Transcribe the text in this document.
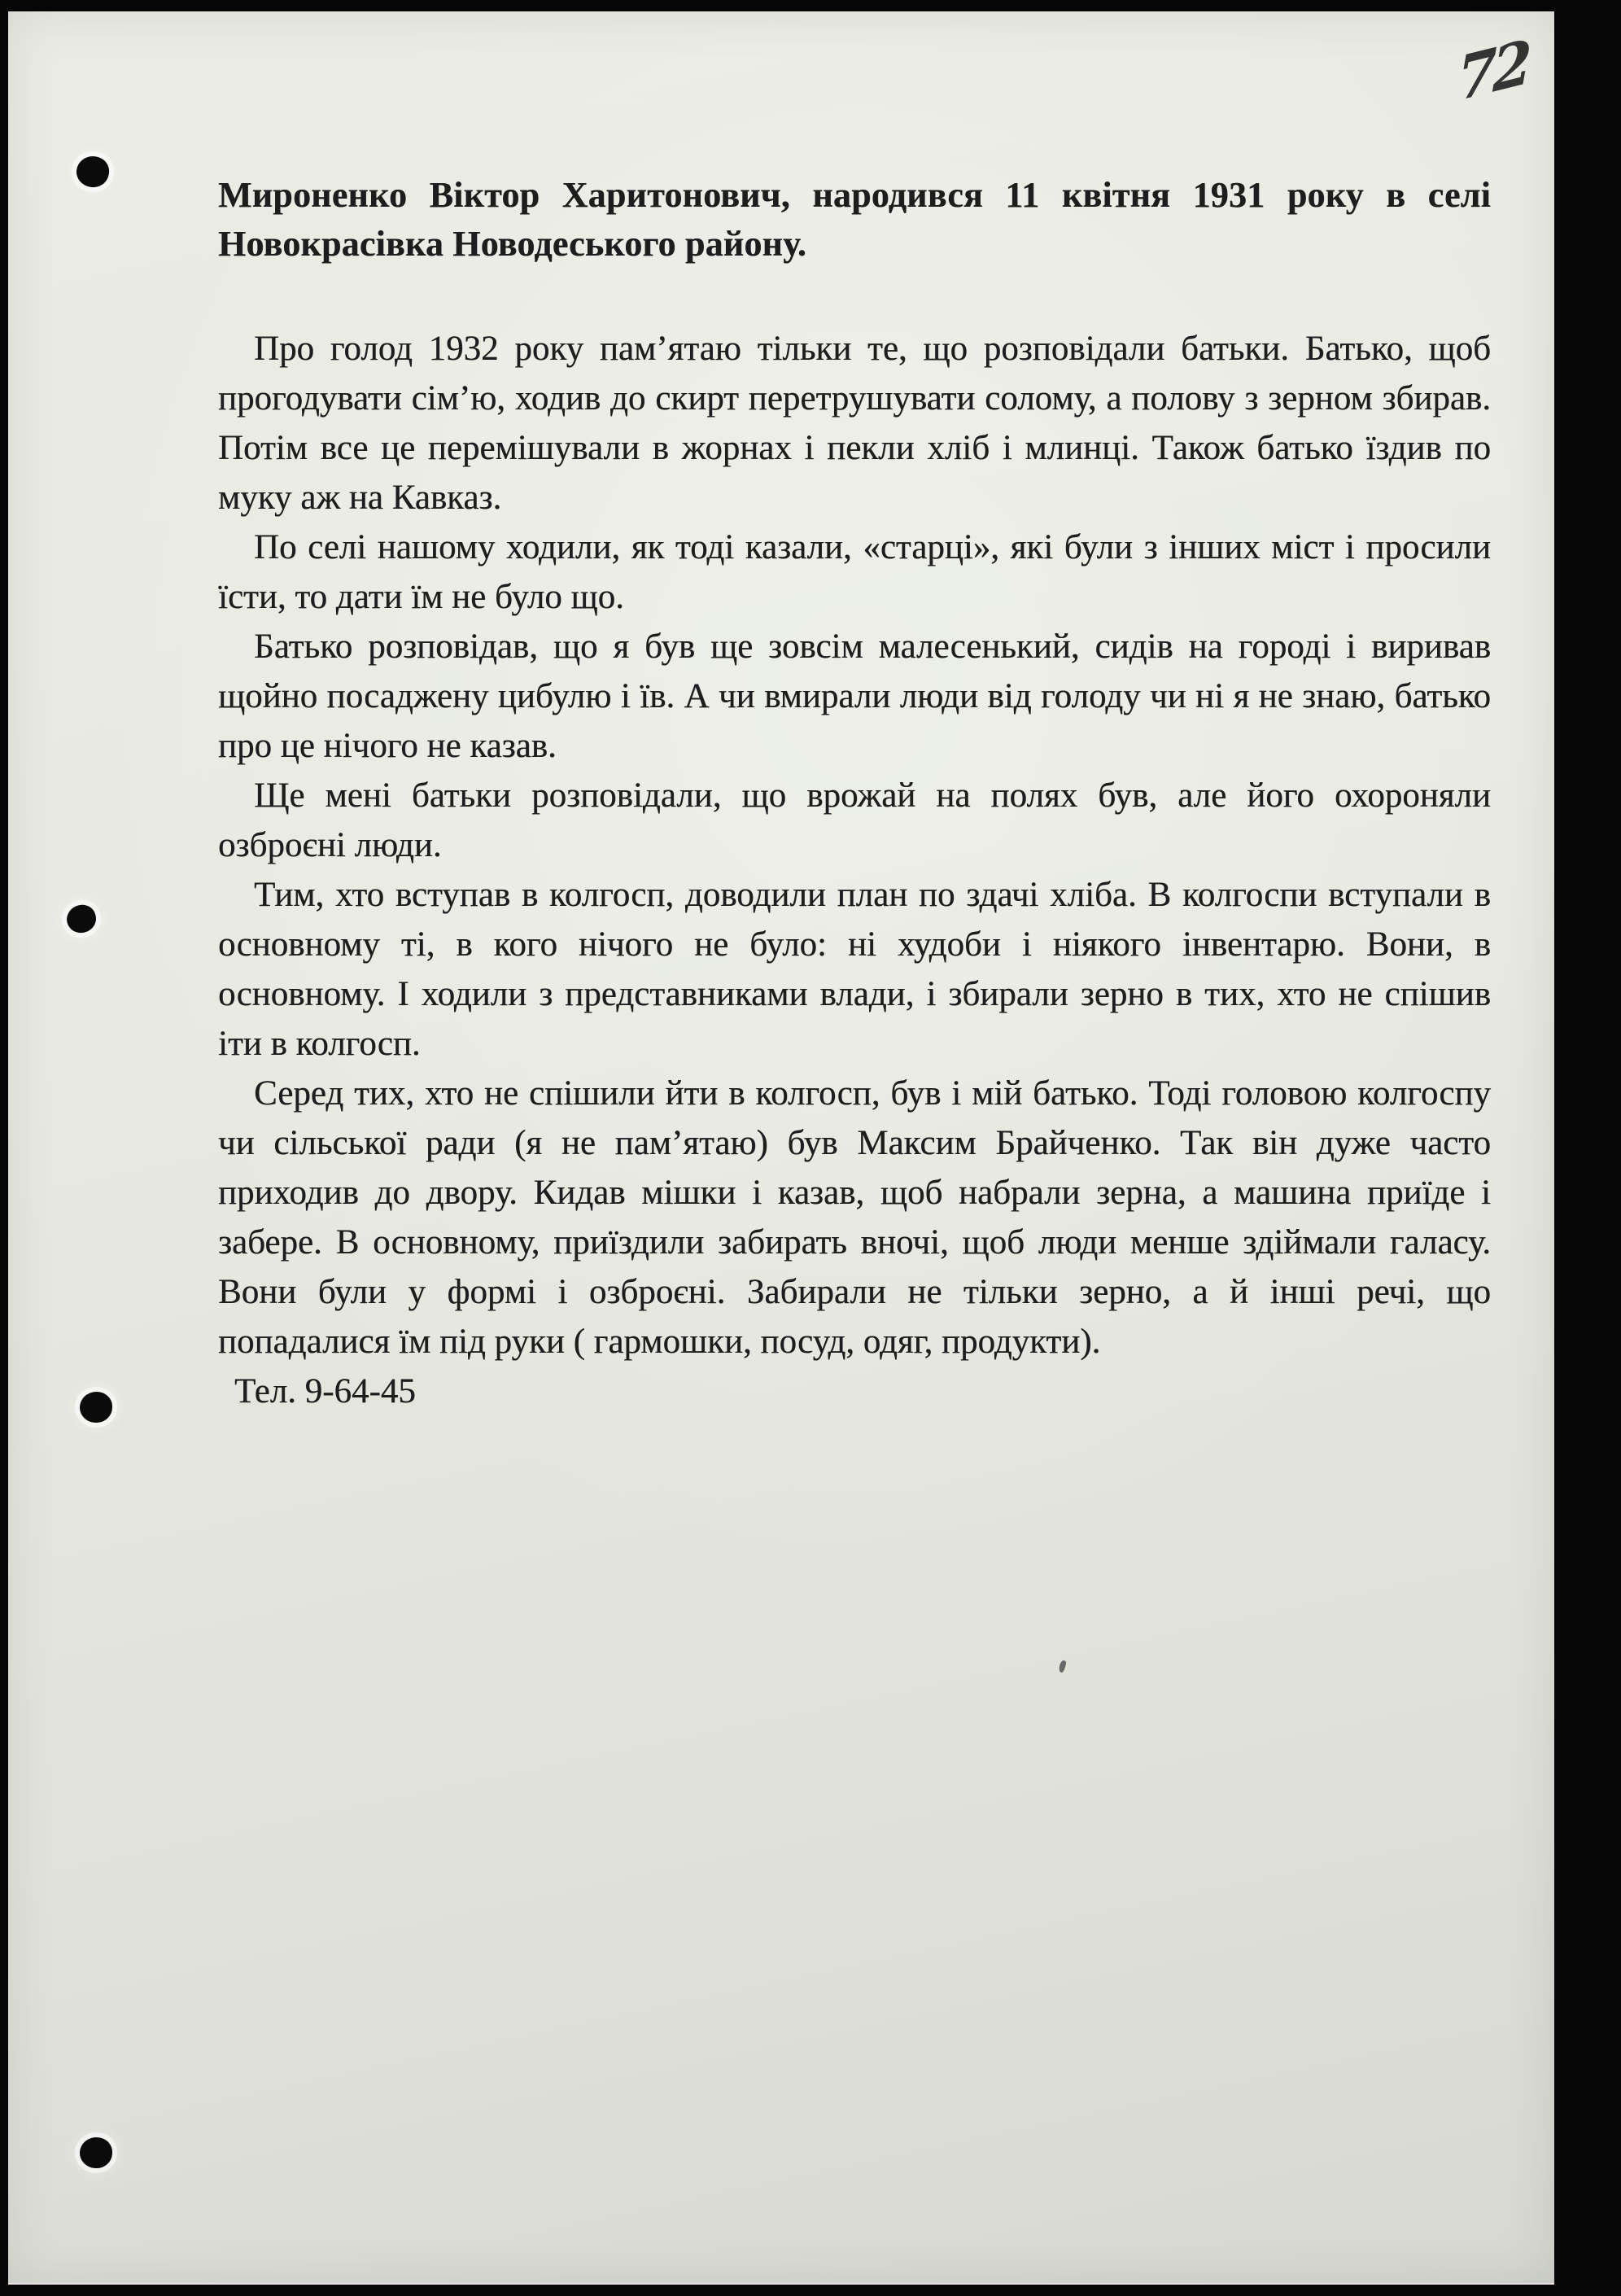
72

Мироненко Віктор Харитонович, народився 11 квітня 1931 року в селі Новокрасівка Новодеського району.

Про голод 1932 року пам’ятаю тільки те, що розповідали батьки. Батько, щоб прогодувати сім’ю, ходив до скирт перетрушувати солому, а полову з зерном збирав. Потім все це перемішували в жорнах і пекли хліб і млинці. Також батько їздив по муку аж на Кавказ.

По селі нашому ходили, як тоді казали, «старці», які були з інших міст і просили їсти, то дати їм не було що.

Батько розповідав, що я був ще зовсім малесенький, сидів на городі і виривав щойно посаджену цибулю і їв. А чи вмирали люди від голоду чи ні я не знаю, батько про це нічого не казав.

Ще мені батьки розповідали, що врожай на полях був, але його охороняли озброєні люди.

Тим, хто вступав в колгосп, доводили план по здачі хліба. В колгоспи вступали в основному ті, в кого нічого не було: ні худоби і ніякого інвентарю. Вони, в основному. І ходили з представниками влади, і збирали зерно в тих, хто не спішив іти в колгосп.

Серед тих, хто не спішили йти в колгосп, був і мій батько. Тоді головою колгоспу чи сільської ради (я не пам’ятаю) був Максим Брайченко. Так він дуже часто приходив до двору. Кидав мішки і казав, щоб набрали зерна, а машина приїде і забере. В основному, приїздили забирать вночі, щоб люди менше здіймали галасу. Вони були у формі і озброєні. Забирали не тільки зерно, а й інші речі, що попадалися їм під руки ( гармошки, посуд, одяг, продукти).

Тел. 9-64-45
